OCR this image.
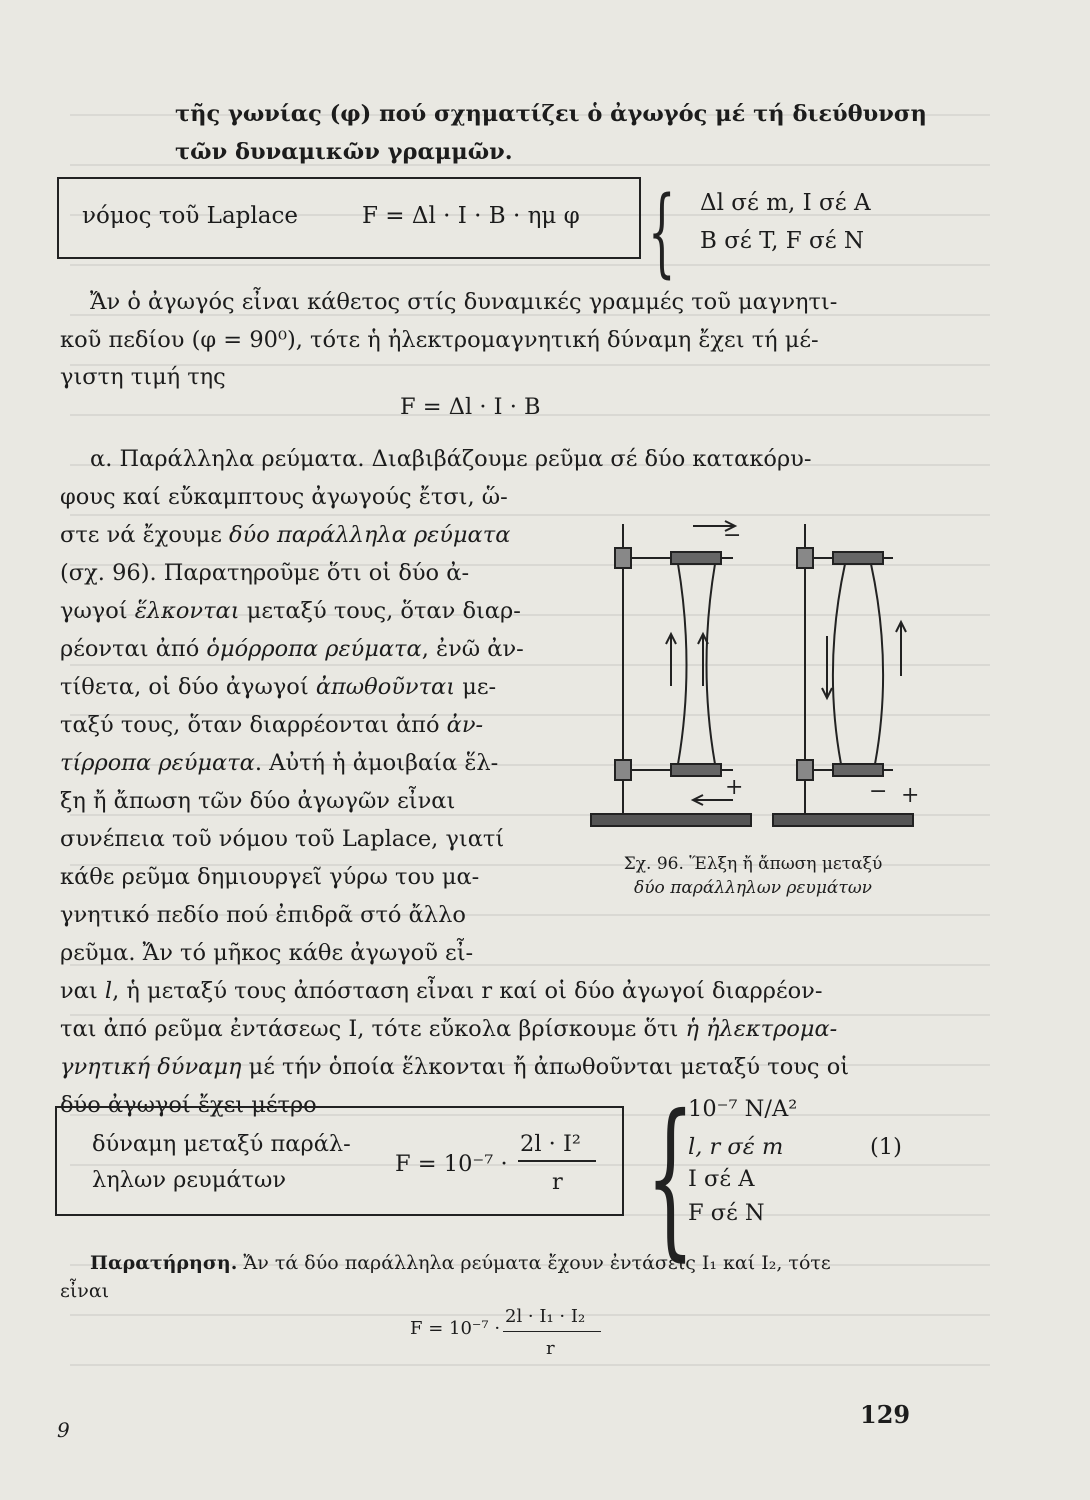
τῆς γωνίας (φ) πού σχηματίζει ὁ ἀγωγός μέ τή διεύθυνση
τῶν δυναμικῶν γραμμῶν.
νόμος τοῦ Laplace	F = Δl · I · B · ημ φ { Δl σέ m, I σέ A
B σέ T, F σέ N
Ἄν ὁ ἀγωγός εἶναι κάθετος στίς δυναμικές γραμμές τοῦ μαγνητι-
κοῦ πεδίου (φ = 90⁰), τότε ἡ ἠλεκτρομαγνητική δύναμη ἔχει τή μέ-
γιστη τιμή της
F = Δl · I · B
α. Παράλληλα ρεύματα. Διαβιβάζουμε ρεῦμα σέ δύο κατακόρυ-
φους καί εὔκαμπτους ἀγωγούς ἔτσι, ὥ-
στε νά ἔχουμε δύο παράλληλα ρεύματα
(σχ. 96). Παρατηροῦμε ὅτι οἱ δύο ἀ-
γωγοί ἕλκονται μεταξύ τους, ὅταν διαρ-
ρέονται ἀπό ὁμόρροπα ρεύματα, ἐνῶ ἀν-
τίθετα, οἱ δύο ἀγωγοί ἀπωθοῦνται με-
ταξύ τους, ὅταν διαρρέονται ἀπό ἀν-
τίρροπα ρεύματα. Αὐτή ἡ ἀμοιβαία ἕλ-
ξη ἤ ἄπωση τῶν δύο ἀγωγῶν εἶναι
συνέπεια τοῦ νόμου τοῦ Laplace, γιατί
κάθε ρεῦμα δημιουργεῖ γύρω του μα-
γνητικό πεδίο πού ἐπιδρᾶ στό ἄλλο
ρεῦμα. Ἄν τό μῆκος κάθε ἀγωγοῦ εἶ-
ναι l, ἡ μεταξύ τους ἀπόσταση εἶναι r καί οἱ δύο ἀγωγοί διαρρέον-
ται ἀπό ρεῦμα ἐντάσεως I, τότε εὔκολα βρίσκουμε ὅτι ἡ ἠλεκτρομα-
γνητική δύναμη μέ τήν ὁποία ἕλκονται ἤ ἀπωθοῦνται μεταξύ τους οἱ
δύο ἀγωγοί ἔχει μέτρο
−
+	− +
Σχ. 96. Ἕλξη ἤ ἄπωση μεταξύ
δύο παράλληλων ρευμάτων
δύναμη μεταξύ παράλ-
ληλων ρευμάτων
F = 10⁻⁷ ·
2l · I²
r {
10⁻⁷ N/A²
l, r σέ m	(1)
I σέ A
F σέ N
Παρατήρηση. Ἄν τά δύο παράλληλα ρεύματα ἔχουν ἐντάσεις I₁ καί I₂, τότε
εἶναι
F = 10⁻⁷ ·
2l · I₁ · I₂
r
9
129
